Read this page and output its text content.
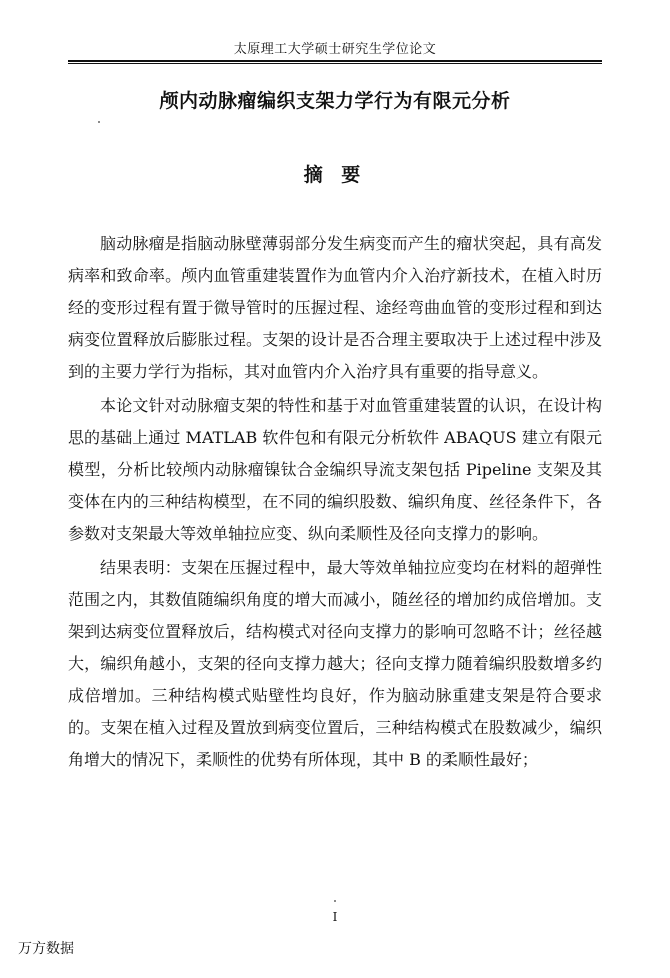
太原理工大学硕士研究生学位论文
颅内动脉瘤编织支架力学行为有限元分析
摘 要

脑动脉瘤是指脑动脉壁薄弱部分发生病变而产生的瘤状突起，具有高发病率和致命率。颅内血管重建装置作为血管内介入治疗新技术，在植入时历经的变形过程有置于微导管时的压握过程、途经弯曲血管的变形过程和到达病变位置释放后膨胀过程。支架的设计是否合理主要取决于上述过程中涉及到的主要力学行为指标，其对血管内介入治疗具有重要的指导意义。

本论文针对动脉瘤支架的特性和基于对血管重建装置的认识，在设计构思的基础上通过 MATLAB 软件包和有限元分析软件 ABAQUS 建立有限元模型，分析比较颅内动脉瘤镍钛合金编织导流支架包括 Pipeline 支架及其变体在内的三种结构模型，在不同的编织股数、编织角度、丝径条件下，各参数对支架最大等效单轴拉应变、纵向柔顺性及径向支撑力的影响。

结果表明：支架在压握过程中，最大等效单轴拉应变均在材料的超弹性范围之内，其数值随编织角度的增大而减小，随丝径的增加约成倍增加。支架到达病变位置释放后，结构模式对径向支撑力的影响可忽略不计；丝径越大，编织角越小，支架的径向支撑力越大；径向支撑力随着编织股数增多约成倍增加。三种结构模式贴壁性均良好，作为脑动脉重建支架是符合要求的。支架在植入过程及置放到病变位置后，三种结构模式在股数减少，编织角增大的情况下，柔顺性的优势有所体现，其中 B 的柔顺性最好；

I
万方数据
